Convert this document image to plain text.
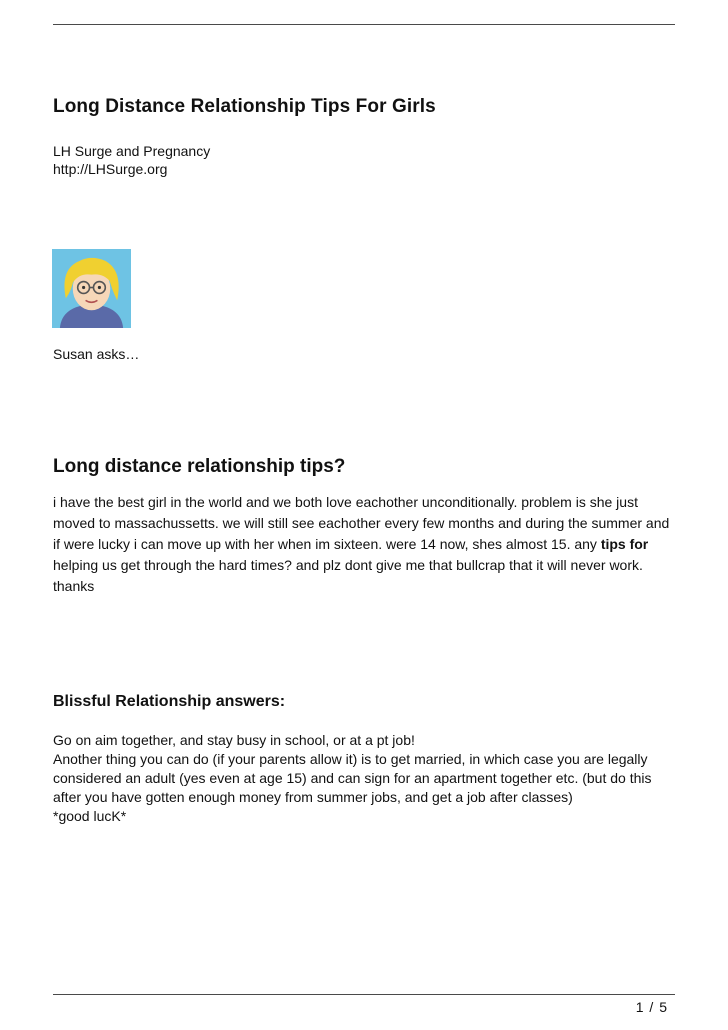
Long Distance Relationship Tips For Girls
LH Surge and Pregnancy
http://LHSurge.org
Susan asks…
Long distance relationship tips?

i have the best girl in the world and we both love eachother unconditionally. problem is she just moved to massachussetts. we will still see eachother every few months and during the summer and if were lucky i can move up with her when im sixteen. were 14 now, shes almost 15. any tips for helping us get through the hard times? and plz dont give me that bullcrap that it will never work. thanks

Blissful Relationship answers:
Go on aim together, and stay busy in school, or at a pt job!
Another thing you can do (if your parents allow it) is to get married, in which case you are legally considered an adult (yes even at age 15) and can sign for an apartment together etc. (but do this after you have gotten enough money from summer jobs, and get a job after classes)
*good lucK*
1 / 5
